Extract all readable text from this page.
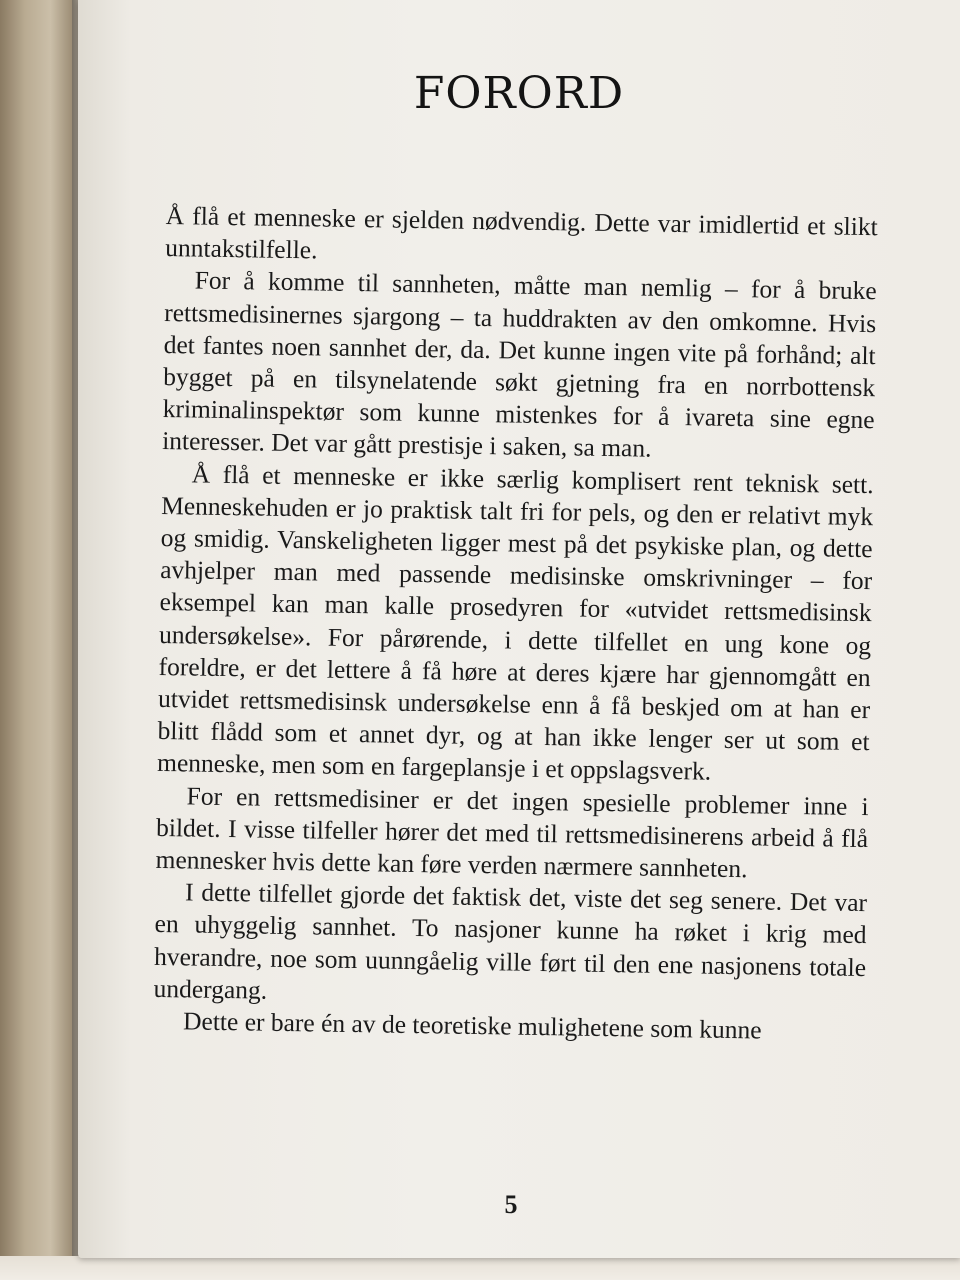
FORORD

Å flå et menneske er sjelden nødvendig. Dette var imidlertid et slikt unntakstilfelle.

For å komme til sannheten, måtte man nemlig – for å bruke rettsmedisinernes sjargong – ta huddrakten av den omkomne. Hvis det fantes noen sannhet der, da. Det kunne ingen vite på forhånd; alt bygget på en tilsynelatende søkt gjetning fra en norrbottensk kriminalinspektør som kunne mistenkes for å ivareta sine egne interesser. Det var gått prestisje i saken, sa man.

Å flå et menneske er ikke særlig komplisert rent teknisk sett. Menneskehuden er jo praktisk talt fri for pels, og den er relativt myk og smidig. Vanskeligheten ligger mest på det psykiske plan, og dette avhjelper man med passende medisinske omskrivninger – for eksempel kan man kalle prosedyren for «utvidet rettsmedisinsk undersøkelse». For pårørende, i dette tilfellet en ung kone og foreldre, er det lettere å få høre at deres kjære har gjennomgått en utvidet rettsmedisinsk undersøkelse enn å få beskjed om at han er blitt flådd som et annet dyr, og at han ikke lenger ser ut som et menneske, men som en fargeplansje i et oppslagsverk.

For en rettsmedisiner er det ingen spesielle problemer inne i bildet. I visse tilfeller hører det med til rettsmedisinerens arbeid å flå mennesker hvis dette kan føre verden nærmere sannheten.

I dette tilfellet gjorde det faktisk det, viste det seg senere. Det var en uhyggelig sannhet. To nasjoner kunne ha røket i krig med hverandre, noe som uunngåelig ville ført til den ene nasjonens totale undergang.

Dette er bare én av de teoretiske mulighetene som kunne

5
